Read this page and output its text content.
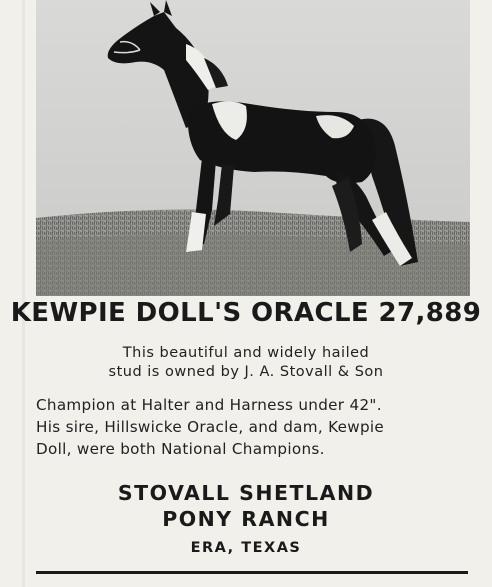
KEWPIE DOLL'S ORACLE 27,889
This beautiful and widely hailed
stud is owned by J. A. Stovall & Son
Champion at Halter and Harness under 42".
His sire, Hillswicke Oracle, and dam, Kewpie
Doll, were both National Champions.
STOVALL SHETLAND
PONY RANCH
ERA, TEXAS
